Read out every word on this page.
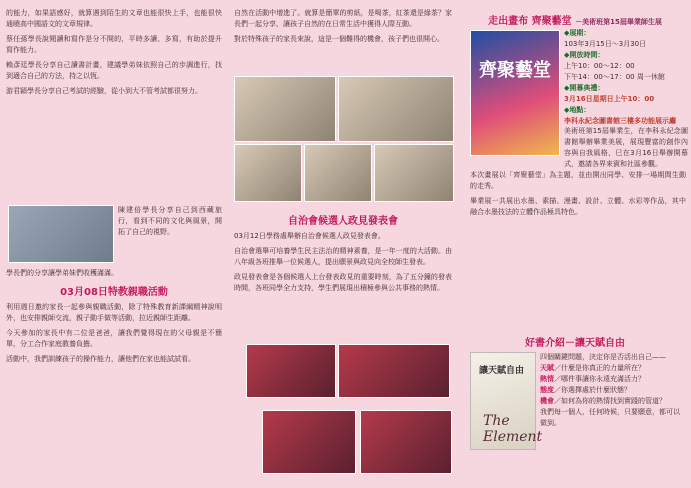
的能力，如果語感好，就算遇到陌生的文章也能很快上手，也能很快通曉高中國語文的文章規律。

蔡任孫學長說閱讀和寫作是分不開的，平時多讀、多寫，有助於提升寫作能力。

賴彥廷學長分享自己讀書計畫，建議學弟妹依照自己的步調進行，找到適合自己的方法，持之以恆。

游君穎學長分享自己考試的經驗，從小到大不管考試都很努力。

陳建倍學長分享自己到西藏旅行，看到不同的文化與風景，開拓了自己的視野。

學長們的分享讓學弟妹們收穫滿滿。

03月08日特教親職活動

利用週日邀約家長一起參與親職活動，除了特殊教育新課綱精神說明外，也安排親師交流，親子動手做等活動，拉近親師生距離。

今天參加的家長中有二位是爸爸，讓我們覺得現在的父母親是不簡單，分工合作家庭教養負擔。

活動中，我們訓練孩子的操作能力，讓他們在家也能試試看。

自然在活動中增進了。就算是簡單的剪紙，是喝茶，紅茶還是綠茶？家長們一起分享，讓孩子自然的在日常生活中獲得人際互動。

對於特殊孩子的家長來說，這是一個難得的機會，孩子們也很開心。

自治會候選人政見發表會

03月12日學務處舉辦自治會候選人政見發表會。

自治會選舉可培養學生民主法治的精神素養，是一年一度的大活動。由八年級各班推舉一位候選人，提出願景與政見向全校師生發表。

政見發表會是各個候選人上台發表政見的重要時刻，為了五分鐘的發表時間，各班同學全力支持，學生們展現出積極參與公共事務的熱情。

走出畫布 齊聚藝堂 －美術班第15屆畢業師生展
齊聚藝堂
◆展期：
103年3月15日～3月30日
◆開放時間：
上午10：00～12：00
下午14：00～17：00 周一休館
◆開幕典禮：
3月16日星期日上午10：00
◆地點：
李科永紀念圖書館三樓多功能展示廳

美術班第15屆畢業生，在李科永紀念圖書館舉辦畢業美展，展現豐富的創作內容與自我風格，巳在3月16日舉辦開幕式，邀請各界來賓和社區參觀。

本次畫展以「齊聚藝堂」為主題，並由開出同學、安排一場期間生動的走秀。

畢業展一共展出水墨、素描、漫畫、設計、立體、水彩等作品，其中融合水墨技法的立體作品極具特色。

好書介紹－讓天賦自由
讓天賦自由
The Element
四個關鍵問題，決定你是否活出自己——
天賦／什麼是你真正的力量所在？
熱情／哪件事讓你永遠充滿活力？
態度／你選擇處於什麼狀態？
機會／如何為你的熱情找到實踐的管道？
我們每一個人，任何時候，只要願意，都可以做到。
